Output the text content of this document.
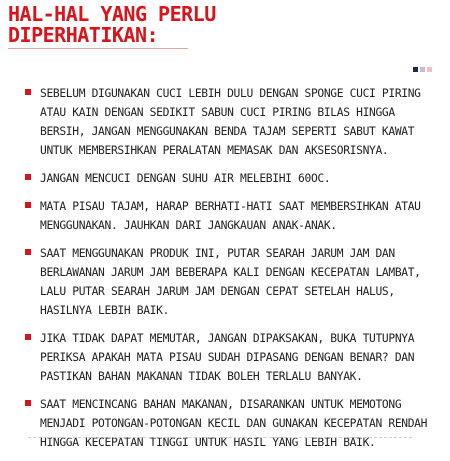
HAL-HAL YANG PERLU
DIPERHATIKAN:
SEBELUM DIGUNAKAN CUCI LEBIH DULU DENGAN SPONGE CUCI PIRING ATAU KAIN DENGAN SEDIKIT SABUN CUCI PIRING BILAS HINGGA BERSIH, JANGAN MENGGUNAKAN BENDA TAJAM SEPERTI SABUT KAWAT UNTUK MEMBERSIHKAN PERALATAN MEMASAK DAN AKSESORISNYA.
JANGAN MENCUCI DENGAN SUHU AIR MELEBIHI 60OC.
MATA PISAU TAJAM, HARAP BERHATI-HATI SAAT MEMBERSIHKAN ATAU MENGGUNAKAN. JAUHKAN DARI JANGKAUAN ANAK-ANAK.
SAAT MENGGUNAKAN PRODUK INI, PUTAR SEARAH JARUM JAM DAN BERLAWANAN JARUM JAM BEBERAPA KALI DENGAN KECEPATAN LAMBAT, LALU PUTAR SEARAH JARUM JAM DENGAN CEPAT SETELAH HALUS, HASILNYA LEBIH BAIK.
JIKA TIDAK DAPAT MEMUTAR, JANGAN DIPAKSAKAN, BUKA TUTUPNYA PERIKSA APAKAH MATA PISAU SUDAH DIPASANG DENGAN BENAR? DAN PASTIKAN BAHAN MAKANAN TIDAK BOLEH TERLALU BANYAK.
SAAT MENCINCANG BAHAN MAKANAN, DISARANKAN UNTUK MEMOTONG MENJADI POTONGAN-POTONGAN KECIL DAN GUNAKAN KECEPATAN RENDAH HINGGA KECEPATAN TINGGI UNTUK HASIL YANG LEBIH BAIK.
